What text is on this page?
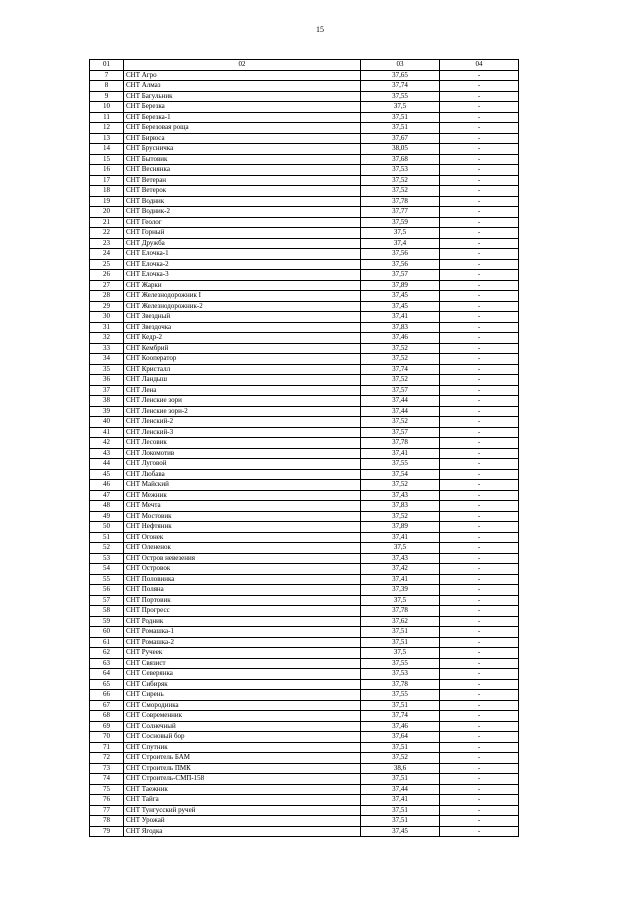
15
01	02	03	04
7	СНТ Агро	37,65	-
8	СНТ Алмаз	37,74	-
9	СНТ Багульник	37,55	-
10	СНТ Березка	37,5	-
11	СНТ Березка-1	37,51	-
12	СНТ Березовая роща	37,51	-
13	СНТ Бирюса	37,67	-
14	СНТ Брусничка	38,05	-
15	СНТ Бытовик	37,68	-
16	СНТ Веснянка	37,53	-
17	СНТ Ветеран	37,52	-
18	СНТ Ветерок	37,52	-
19	СНТ Водник	37,78	-
20	СНТ Водник-2	37,77	-
21	СНТ Геолог	37,59	-
22	СНТ Горный	37,5	-
23	СНТ Дружба	37,4	-
24	СНТ Елочка-1	37,56	-
25	СНТ Елочка-2	37,56	-
26	СНТ Елочка-3	37,57	-
27	СНТ Жарки	37,89	-
28	СНТ Железнодорожник I	37,45	-
29	СНТ Железнодорожник-2	37,45	-
30	СНТ Звездный	37,41	-
31	СНТ Звездочка	37,83	-
32	СНТ Кедр-2	37,46	-
33	СНТ Кембрий	37,52	-
34	СНТ Кооператор	37,52	-
35	СНТ Кристалл	37,74	-
36	СНТ Ландыш	37,52	-
37	СНТ Лена	37,57	-
38	СНТ Ленские зори	37,44	-
39	СНТ Ленские зори-2	37,44	-
40	СНТ Ленский-2	37,52	-
41	СНТ Ленский-3	37,57	-
42	СНТ Лесовик	37,78	-
43	СНТ Локомотив	37,41	-
44	СНТ Луговой	37,55	-
45	СНТ Любава	37,54	-
46	СНТ Майский	37,52	-
47	СНТ Межник	37,43	-
48	СНТ Мечта	37,83	-
49	СНТ Мостовик	37,52	-
50	СНТ Нефтяник	37,89	-
51	СНТ Огонек	37,41	-
52	СНТ Олененок	37,5	-
53	СНТ Остров невезения	37,43	-
54	СНТ Островок	37,42	-
55	СНТ Половинка	37,41	-
56	СНТ Поляна	37,39	-
57	СНТ Портовик	37,5	-
58	СНТ Прогресс	37,78	-
59	СНТ Родник	37,62	-
60	СНТ Ромашка-1	37,51	-
61	СНТ Ромашка-2	37,51	-
62	СНТ Ручеек	37,5	-
63	СНТ Связист	37,55	-
64	СНТ Северянка	37,53	-
65	СНТ Сибиряк	37,78	-
66	СНТ Сирень	37,55	-
67	СНТ Смородинка	37,51	-
68	СНТ Современник	37,74	-
69	СНТ Солнечный	37,46	-
70	СНТ Сосновый бор	37,64	-
71	СНТ Спутник	37,51	-
72	СНТ Строитель БАМ	37,52	-
73	СНТ Строитель ПМК	38,6	-
74	СНТ Строитель-СМП-158	37,51	-
75	СНТ Таежник	37,44	-
76	СНТ Тайга	37,41	-
77	СНТ Тунгусский ручей	37,51	-
78	СНТ Урожай	37,51	-
79	СНТ Ягодка	37,45	-
